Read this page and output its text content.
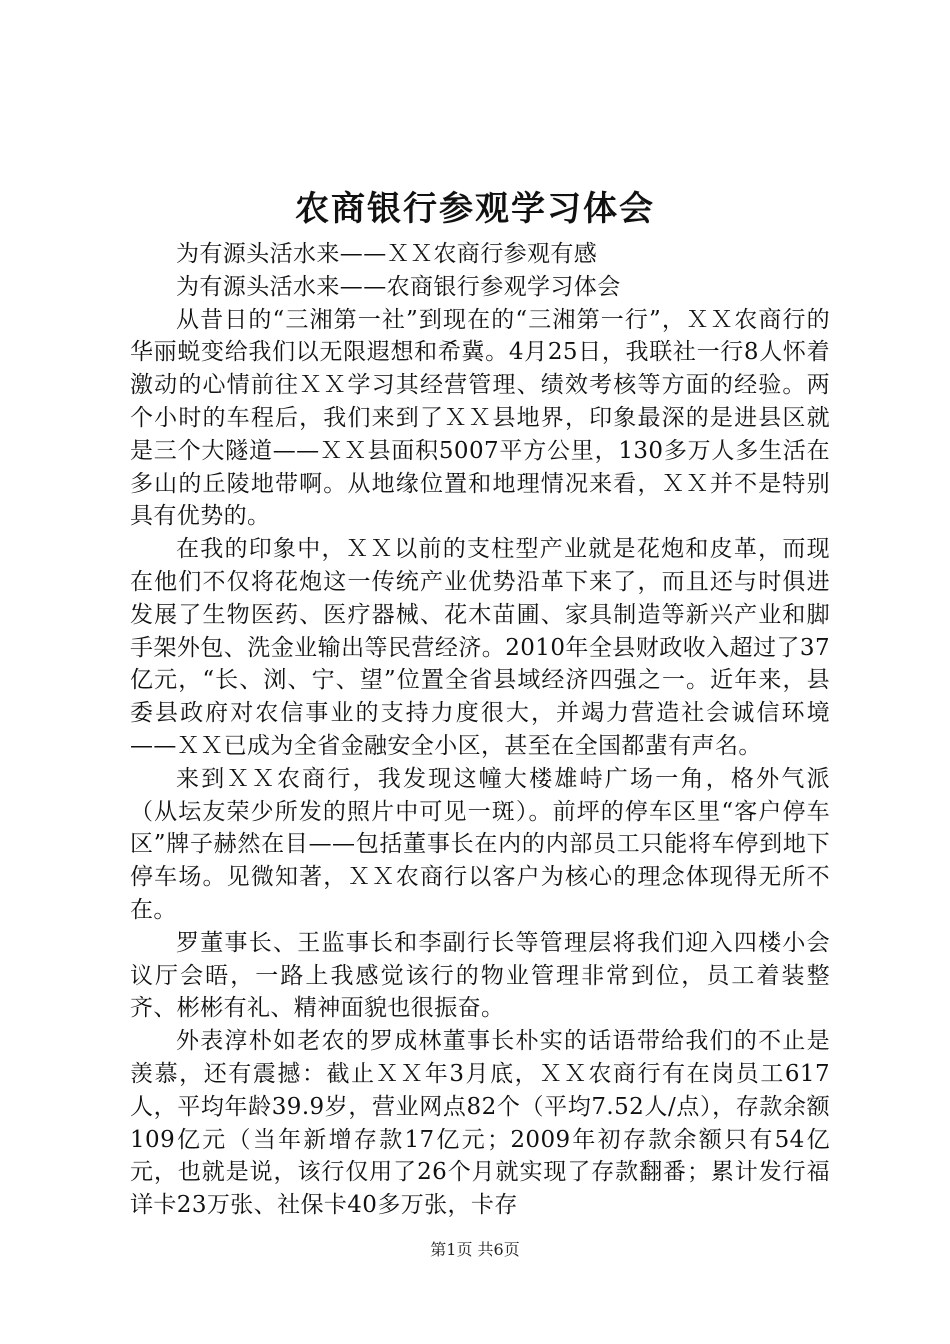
农商银行参观学习体会

为有源头活水来——ＸＸ农商行参观有感

为有源头活水来——农商银行参观学习体会

从昔日的“三湘第一社”到现在的“三湘第一行”，ＸＸ农商行的华丽蜕变给我们以无限遐想和希冀。4月25日，我联社一行8人怀着激动的心情前往ＸＸ学习其经营管理、绩效考核等方面的经验。两个小时的车程后，我们来到了ＸＸ县地界，印象最深的是进县区就是三个大隧道——ＸＸ县面积5007平方公里，130多万人多生活在多山的丘陵地带啊。从地缘位置和地理情况来看，ＸＸ并不是特别具有优势的。

在我的印象中，ＸＸ以前的支柱型产业就是花炮和皮革，而现在他们不仅将花炮这一传统产业优势沿革下来了，而且还与时俱进发展了生物医药、医疗器械、花木苗圃、家具制造等新兴产业和脚手架外包、洗金业输出等民营经济。2010年全县财政收入超过了37亿元，“长、浏、宁、望”位置全省县域经济四强之一。近年来，县委县政府对农信事业的支持力度很大，并竭力营造社会诚信环境——ＸＸ已成为全省金融安全小区，甚至在全国都蜚有声名。

来到ＸＸ农商行，我发现这幢大楼雄峙广场一角，格外气派（从坛友荣少所发的照片中可见一斑）。前坪的停车区里“客户停车区”牌子赫然在目——包括董事长在内的内部员工只能将车停到地下停车场。见微知著，ＸＸ农商行以客户为核心的理念体现得无所不在。

罗董事长、王监事长和李副行长等管理层将我们迎入四楼小会议厅会晤，一路上我感觉该行的物业管理非常到位，员工着装整齐、彬彬有礼、精神面貌也很振奋。

外表淳朴如老农的罗成林董事长朴实的话语带给我们的不止是羡慕，还有震撼：截止ＸＸ年3月底，ＸＸ农商行有在岗员工617人，平均年龄39.9岁，营业网点82个（平均7.52人/点），存款余额109亿元（当年新增存款17亿元；2009年初存款余额只有54亿元，也就是说，该行仅用了26个月就实现了存款翻番；累计发行福详卡23万张、社保卡40多万张，卡存

第1页 共6页
